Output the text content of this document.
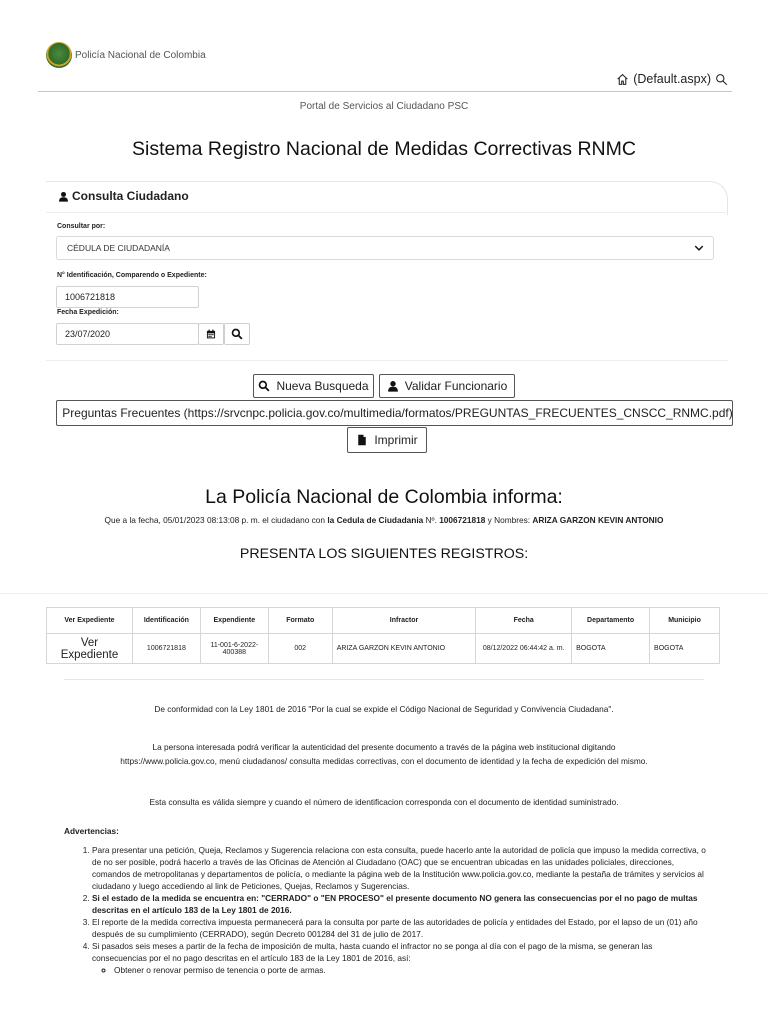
Policía Nacional de Colombia
(Default.aspx)
Portal de Servicios al Ciudadano PSC
Sistema Registro Nacional de Medidas Correctivas RNMC
Consulta Ciudadano
Consultar por:
CÉDULA DE CIUDADANÍA
N° Identificación, Comparendo o Expediente:
1006721818
Fecha Expedición:
23/07/2020
Nueva Busqueda	Validar Funcionario
Preguntas Frecuentes (https://srvcnpc.policia.gov.co/multimedia/formatos/PREGUNTAS_FRECUENTES_CNSCC_RNMC.pdf)
Imprimir
La Policía Nacional de Colombia informa:
Que a la fecha, 05/01/2023 08:13:08 p. m. el ciudadano con la Cedula de Ciudadania Nº. 1006721818 y Nombres: ARIZA GARZON KEVIN ANTONIO
PRESENTA LOS SIGUIENTES REGISTROS:
Ver Expediente	Identificación	Expendiente	Formato	Infractor	Fecha	Departamento	Municipio
Ver Expediente	1006721818	11-001-6-2022-400388	002	ARIZA GARZON KEVIN ANTONIO	08/12/2022 06:44:42 a. m.	BOGOTA	BOGOTA
De conformidad con la Ley 1801 de 2016 "Por la cual se expide el Código Nacional de Seguridad y Convivencia Ciudadana".
La persona interesada podrá verificar la autenticidad del presente documento a través de la página web institucional digitando
https://www.policia.gov.co, menú ciudadanos/ consulta medidas correctivas, con el documento de identidad y la fecha de expedición del mismo.
Esta consulta es válida siempre y cuando el número de identificacion corresponda con el documento de identidad suministrado.
Advertencias:
1. Para presentar una petición, Queja, Reclamos y Sugerencia relaciona con esta consulta, puede hacerlo ante la autoridad de policía que impuso la medida correctiva, o de no ser posible, podrá hacerlo a través de las Oficinas de Atención al Ciudadano (OAC) que se encuentran ubicadas en las unidades policiales, direcciones, comandos de metropolitanas y departamentos de policía, o mediante la página web de la Institución www.policia.gov.co, mediante la pestaña de trámites y servicios al ciudadano y luego accediendo al link de Peticiones, Quejas, Reclamos y Sugerencias.
2. Si el estado de la medida se encuentra en: "CERRADO" o "EN PROCESO" el presente documento NO genera las consecuencias por el no pago de multas descritas en el artículo 183 de la Ley 1801 de 2016.
3. El reporte de la medida correctiva impuesta permanecerá para la consulta por parte de las autoridades de policía y entidades del Estado, por el lapso de un (01) año después de su cumplimiento (CERRADO), según Decreto 001284 del 31 de julio de 2017.
4. Si pasados seis meses a partir de la fecha de imposición de multa, hasta cuando el infractor no se ponga al día con el pago de la misma, se generan las consecuencias por el no pago descritas en el artículo 183 de la Ley 1801 de 2016, así:
◦ Obtener o renovar permiso de tenencia o porte de armas.
